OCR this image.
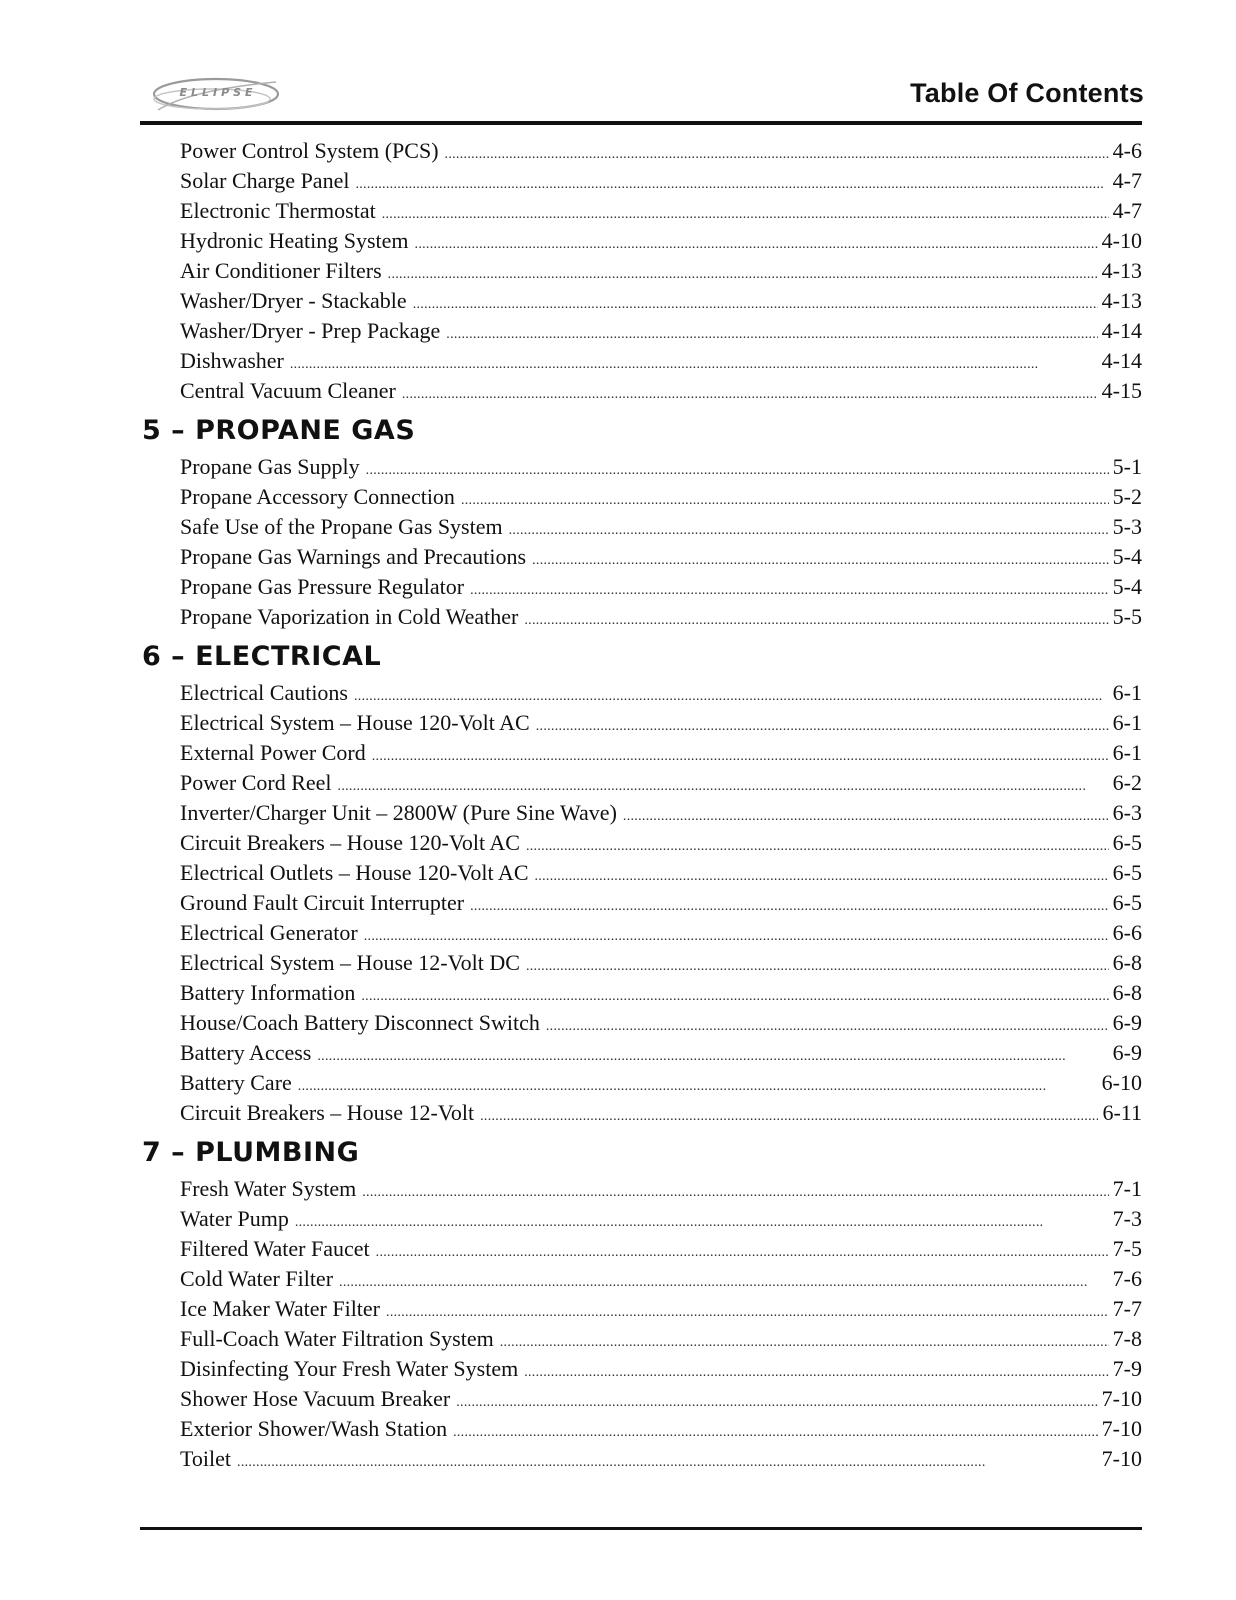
ELLIPSE	Table Of Contents
Power Control System (PCS) . . .	4-6
Solar Charge Panel . . .	4-7
Electronic Thermostat . . .	4-7
Hydronic Heating System . . .	4-10
Air Conditioner Filters . . .	4-13
Washer/Dryer - Stackable . . .	4-13
Washer/Dryer - Prep Package . . .	4-14
Dishwasher . . .	4-14
Central Vacuum Cleaner . . .	4-15
5 – PROPANE GAS
Propane Gas Supply . . .	5-1
Propane Accessory Connection . . .	5-2
Safe Use of the Propane Gas System . . .	5-3
Propane Gas Warnings and Precautions . . .	5-4
Propane Gas Pressure Regulator . . .	5-4
Propane Vaporization in Cold Weather . . .	5-5
6 – ELECTRICAL
Electrical Cautions . . .	6-1
Electrical System – House 120-Volt AC . . .	6-1
External Power Cord . . .	6-1
Power Cord Reel . . .	6-2
Inverter/Charger Unit – 2800W (Pure Sine Wave) . . .	6-3
Circuit Breakers – House 120-Volt AC . . .	6-5
Electrical Outlets – House 120-Volt AC . . .	6-5
Ground Fault Circuit Interrupter . . .	6-5
Electrical Generator . . .	6-6
Electrical System – House 12-Volt DC . . .	6-8
Battery Information . . .	6-8
House/Coach Battery Disconnect Switch . . .	6-9
Battery Access . . .	6-9
Battery Care . . .	6-10
Circuit Breakers – House 12-Volt . . .	6-11
7 – PLUMBING
Fresh Water System . . .	7-1
Water Pump . . .	7-3
Filtered Water Faucet . . .	7-5
Cold Water Filter . . .	7-6
Ice Maker Water Filter . . .	7-7
Full-Coach Water Filtration System . . .	7-8
Disinfecting Your Fresh Water System . . .	7-9
Shower Hose Vacuum Breaker . . .	7-10
Exterior Shower/Wash Station . . .	7-10
Toilet . . .	7-10
